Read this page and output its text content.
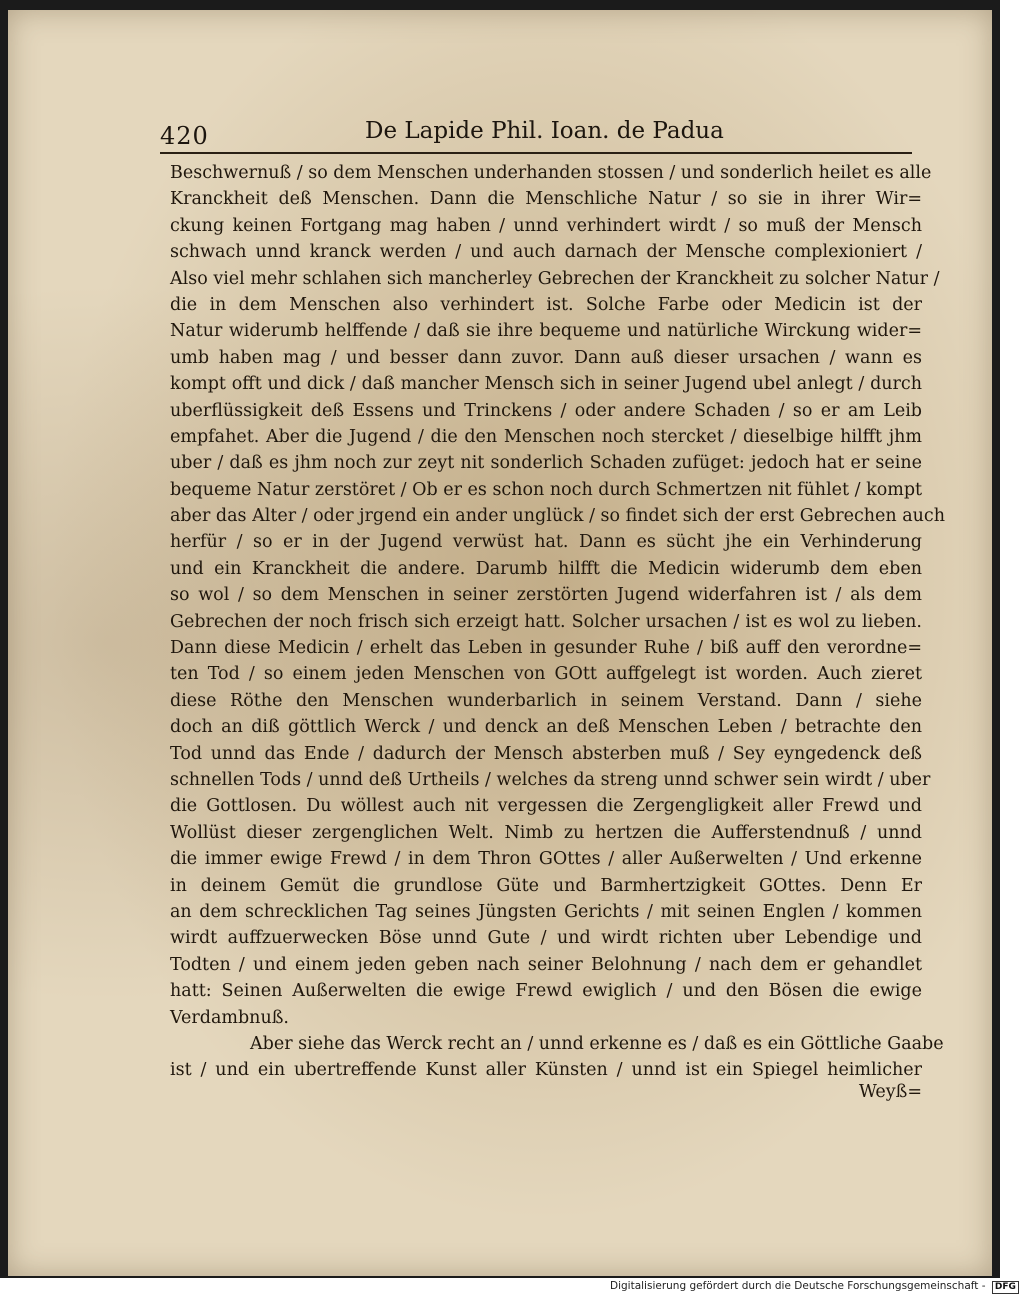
420	De Lapide Phil. Ioan. de Padua
Beschwernuß / so dem Menschen underhanden stossen / und sonderlich heilet es alle
Kranckheit deß Menschen. Dann die Menschliche Natur / so sie in ihrer Wir=
ckung keinen Fortgang mag haben / unnd verhindert wirdt / so muß der Mensch
schwach unnd kranck werden / und auch darnach der Mensche complexioniert /
Also viel mehr schlahen sich mancherley Gebrechen der Kranckheit zu solcher Natur /
die in dem Menschen also verhindert ist. Solche Farbe oder Medicin ist der
Natur widerumb helffende / daß sie ihre bequeme und natürliche Wirckung wider=
umb haben mag / und besser dann zuvor. Dann auß dieser ursachen / wann es
kompt offt und dick / daß mancher Mensch sich in seiner Jugend ubel anlegt / durch
uberflüssigkeit deß Essens und Trinckens / oder andere Schaden / so er am Leib
empfahet. Aber die Jugend / die den Menschen noch stercket / dieselbige hilfft jhm
uber / daß es jhm noch zur zeyt nit sonderlich Schaden zufüget: jedoch hat er seine
bequeme Natur zerstöret / Ob er es schon noch durch Schmertzen nit fühlet / kompt
aber das Alter / oder jrgend ein ander unglück / so findet sich der erst Gebrechen auch
herfür / so er in der Jugend verwüst hat. Dann es sücht jhe ein Verhinderung
und ein Kranckheit die andere. Darumb hilfft die Medicin widerumb dem eben
so wol / so dem Menschen in seiner zerstörten Jugend widerfahren ist / als dem
Gebrechen der noch frisch sich erzeigt hatt. Solcher ursachen / ist es wol zu lieben.
Dann diese Medicin / erhelt das Leben in gesunder Ruhe / biß auff den verordne=
ten Tod / so einem jeden Menschen von GOtt auffgelegt ist worden. Auch zieret
diese Röthe den Menschen wunderbarlich in seinem Verstand. Dann / siehe
doch an diß göttlich Werck / und denck an deß Menschen Leben / betrachte den
Tod unnd das Ende / dadurch der Mensch absterben muß / Sey eyngedenck deß
schnellen Tods / unnd deß Urtheils / welches da streng unnd schwer sein wirdt / uber
die Gottlosen. Du wöllest auch nit vergessen die Zergengligkeit aller Frewd und
Wollüst dieser zergenglichen Welt. Nimb zu hertzen die Aufferstendnuß / unnd
die immer ewige Frewd / in dem Thron GOttes / aller Außerwelten / Und erkenne
in deinem Gemüt die grundlose Güte und Barmhertzigkeit GOttes. Denn Er
an dem schrecklichen Tag seines Jüngsten Gerichts / mit seinen Englen / kommen
wirdt auffzuerwecken Böse unnd Gute / und wirdt richten uber Lebendige und
Todten / und einem jeden geben nach seiner Belohnung / nach dem er gehandlet
hatt: Seinen Außerwelten die ewige Frewd ewiglich / und den Bösen die ewige
Verdambnuß.
Aber siehe das Werck recht an / unnd erkenne es / daß es ein Göttliche Gaabe
ist / und ein ubertreffende Kunst aller Künsten / unnd ist ein Spiegel heimlicher
Weyß=
Digitalisierung gefördert durch die Deutsche Forschungsgemeinschaft - DFG
